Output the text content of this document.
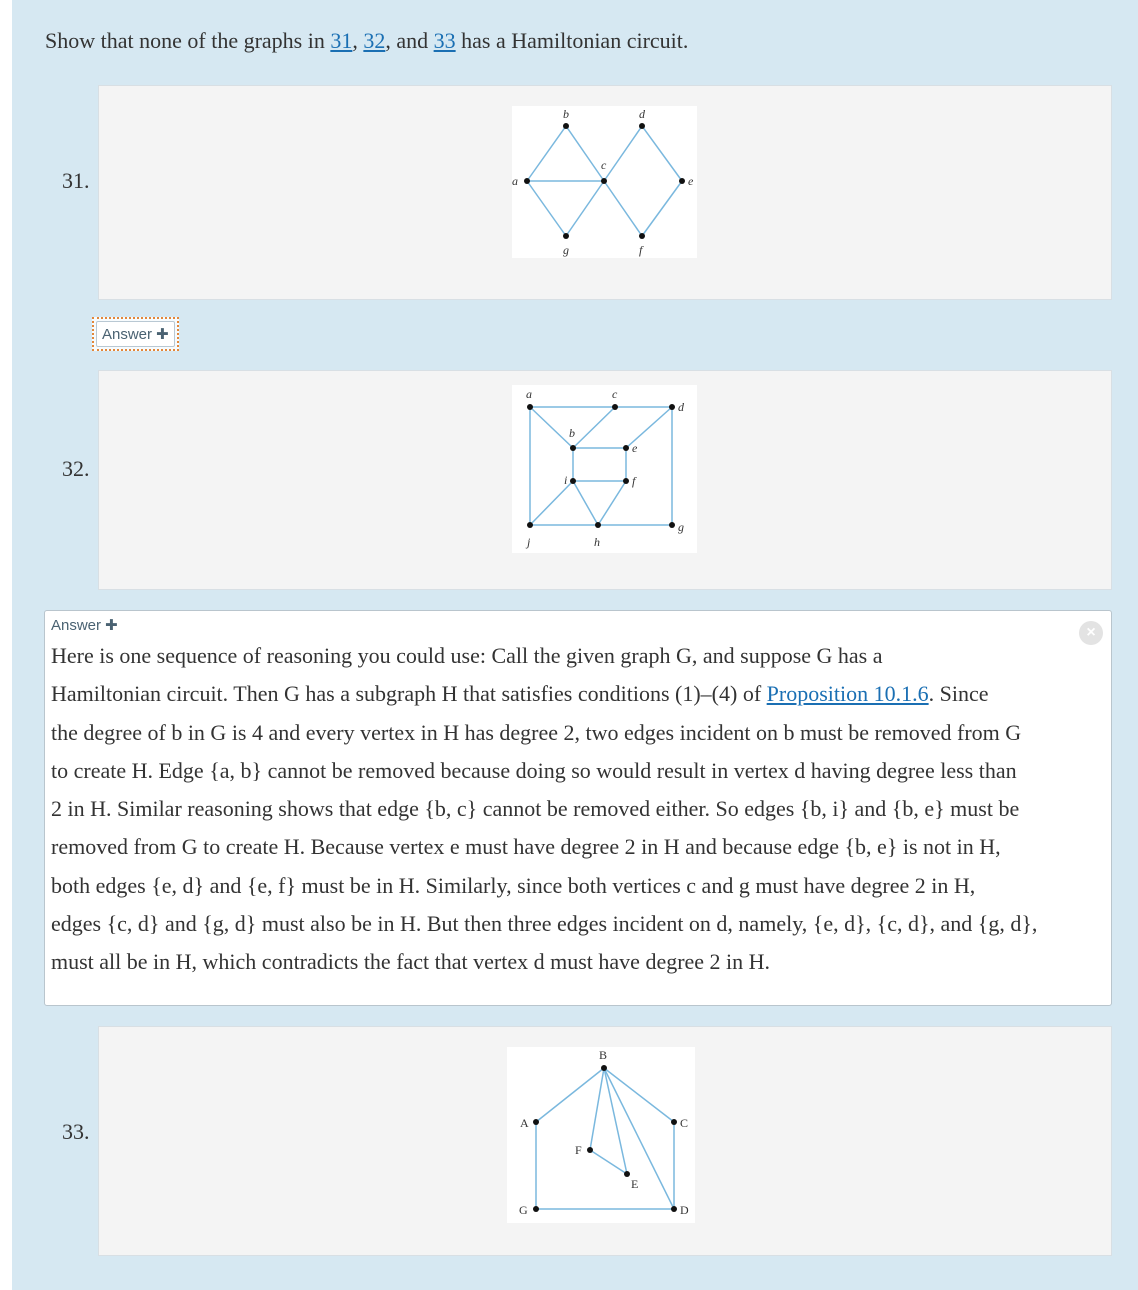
Show that none of the graphs in 31, 32, and 33 has a Hamiltonian circuit.
31.	a
b
c
d
e
f
g
Answer ✚
32.
a
b
c
d
e
f
g
h
i
j
Answer ✚	×
Here is one sequence of reasoning you could use: Call the given graph G, and suppose G has a
Hamiltonian circuit. Then G has a subgraph H that satisfies conditions (1)–(4) of Proposition 10.1.6. Since
the degree of b in G is 4 and every vertex in H has degree 2, two edges incident on b must be removed from G
to create H. Edge {a, b} cannot be removed because doing so would result in vertex d having degree less than
2 in H. Similar reasoning shows that edge {b, c} cannot be removed either. So edges {b, i} and {b, e} must be
removed from G to create H. Because vertex e must have degree 2 in H and because edge {b, e} is not in H,
both edges {e, d} and {e, f} must be in H. Similarly, since both vertices c and g must have degree 2 in H,
edges {c, d} and {g, d} must also be in H. But then three edges incident on d, namely, {e, d}, {c, d}, and {g, d},
must all be in H, which contradicts the fact that vertex d must have degree 2 in H.
33.	A
B
C
D
E
F
G
